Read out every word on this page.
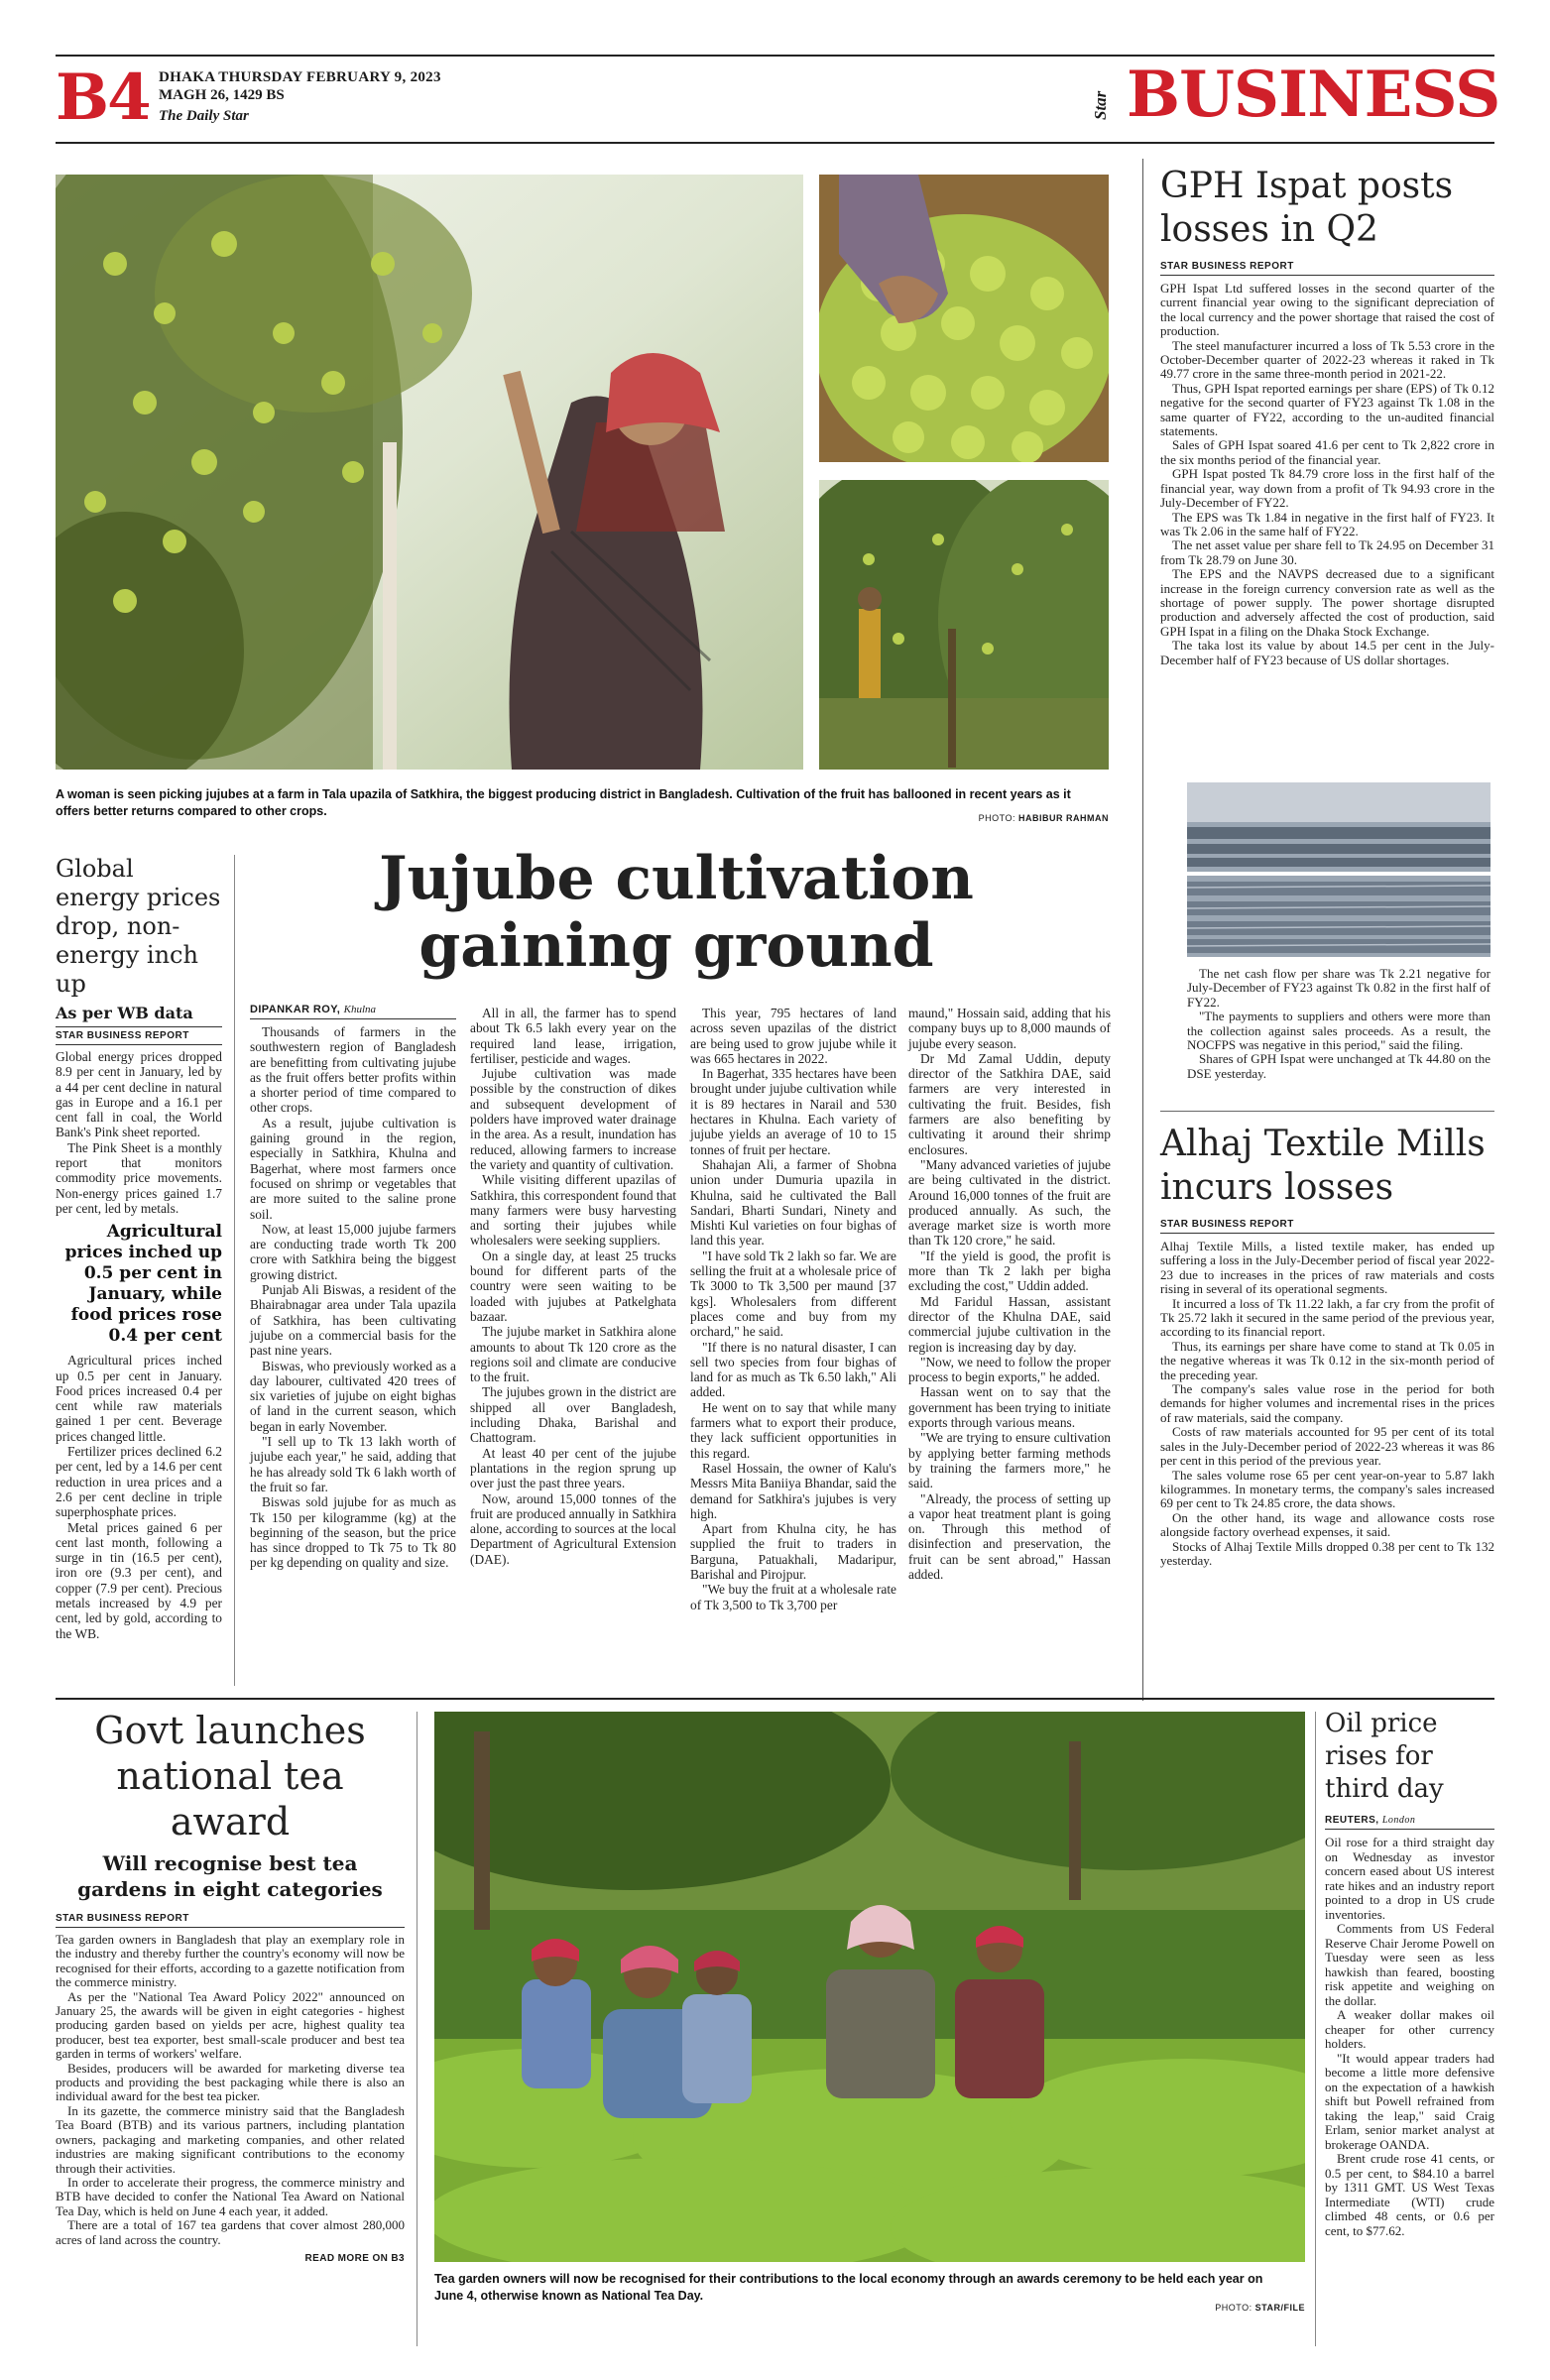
B4 DHAKA THURSDAY FEBRUARY 9, 2023
MAGH 26, 1429 BS
The Daily Star	Star BUSINESS
A woman is seen picking jujubes at a farm in Tala upazila of Satkhira, the biggest producing district in Bangladesh. Cultivation of the fruit has ballooned in recent years as it offers better returns compared to other crops.	PHOTO: HABIBUR RAHMAN
Jujube cultivation
gaining ground
DIPANKAR ROY, Khulna

Thousands of farmers in the southwestern region of Bangladesh are benefitting from cultivating jujube as the fruit offers better profits within a shorter period of time compared to other crops.

As a result, jujube cultivation is gaining ground in the region, especially in Satkhira, Khulna and Bagerhat, where most farmers once focused on shrimp or vegetables that are more suited to the saline prone soil.

Now, at least 15,000 jujube farmers are conducting trade worth Tk 200 crore with Satkhira being the biggest growing district.

Punjab Ali Biswas, a resident of the Bhairabnagar area under Tala upazila of Satkhira, has been cultivating jujube on a commercial basis for the past nine years.

Biswas, who previously worked as a day labourer, cultivated 420 trees of six varieties of jujube on eight bighas of land in the current season, which began in early November.

"I sell up to Tk 13 lakh worth of jujube each year," he said, adding that he has already sold Tk 6 lakh worth of the fruit so far.

Biswas sold jujube for as much as Tk 150 per kilogramme (kg) at the beginning of the season, but the price has since dropped to Tk 75 to Tk 80 per kg depending on quality and size.

All in all, the farmer has to spend about Tk 6.5 lakh every year on the required land lease, irrigation, fertiliser, pesticide and wages.

Jujube cultivation was made possible by the construction of dikes and subsequent development of polders have improved water drainage in the area. As a result, inundation has reduced, allowing farmers to increase the variety and quantity of cultivation.

While visiting different upazilas of Satkhira, this correspondent found that many farmers were busy harvesting and sorting their jujubes while wholesalers were seeking suppliers.

On a single day, at least 25 trucks bound for different parts of the country were seen waiting to be loaded with jujubes at Patkelghata bazaar.

The jujube market in Satkhira alone amounts to about Tk 120 crore as the regions soil and climate are conducive to the fruit.

The jujubes grown in the district are shipped all over Bangladesh, including Dhaka, Barishal and Chattogram.

At least 40 per cent of the jujube plantations in the region sprung up over just the past three years.

Now, around 15,000 tonnes of the fruit are produced annually in Satkhira alone, according to sources at the local Department of Agricultural Extension (DAE).

This year, 795 hectares of land across seven upazilas of the district are being used to grow jujube while it was 665 hectares in 2022.

In Bagerhat, 335 hectares have been brought under jujube cultivation while it is 89 hectares in Narail and 530 hectares in Khulna. Each variety of jujube yields an average of 10 to 15 tonnes of fruit per hectare.

Shahajan Ali, a farmer of Shobna union under Dumuria upazila in Khulna, said he cultivated the Ball Sandari, Bharti Sundari, Ninety and Mishti Kul varieties on four bighas of land this year.

"I have sold Tk 2 lakh so far. We are selling the fruit at a wholesale price of Tk 3000 to Tk 3,500 per maund [37 kgs]. Wholesalers from different places come and buy from my orchard," he said.

"If there is no natural disaster, I can sell two species from four bighas of land for as much as Tk 6.50 lakh," Ali added.

He went on to say that while many farmers what to export their produce, they lack sufficient opportunities in this regard.

Rasel Hossain, the owner of Kalu's Messrs Mita Baniiya Bhandar, said the demand for Satkhira's jujubes is very high.

Apart from Khulna city, he has supplied the fruit to traders in Barguna, Patuakhali, Madaripur, Barishal and Pirojpur.

"We buy the fruit at a wholesale rate of Tk 3,500 to Tk 3,700 per

maund," Hossain said, adding that his company buys up to 8,000 maunds of jujube every season.

Dr Md Zamal Uddin, deputy director of the Satkhira DAE, said farmers are very interested in cultivating the fruit. Besides, fish farmers are also benefiting by cultivating it around their shrimp enclosures.

"Many advanced varieties of jujube are being cultivated in the district. Around 16,000 tonnes of the fruit are produced annually. As such, the average market size is worth more than Tk 120 crore," he said.

"If the yield is good, the profit is more than Tk 2 lakh per bigha excluding the cost," Uddin added.

Md Faridul Hassan, assistant director of the Khulna DAE, said commercial jujube cultivation in the region is increasing day by day.

"Now, we need to follow the proper process to begin exports," he added.

Hassan went on to say that the government has been trying to initiate exports through various means.

"We are trying to ensure cultivation by applying better farming methods by training the farmers more," he said.

"Already, the process of setting up a vapor heat treatment plant is going on. Through this method of disinfection and preservation, the fruit can be sent abroad," Hassan added.

Global energy prices drop, non-energy inch up
As per WB data
STAR BUSINESS REPORT

Global energy prices dropped 8.9 per cent in January, led by a 44 per cent decline in natural gas in Europe and a 16.1 per cent fall in coal, the World Bank's Pink sheet reported.

The Pink Sheet is a monthly report that monitors commodity price movements. Non-energy prices gained 1.7 per cent, led by metals.

Agricultural prices inched up 0.5 per cent in January, while food prices rose 0.4 per cent

Agricultural prices inched up 0.5 per cent in January. Food prices increased 0.4 per cent while raw materials gained 1 per cent. Beverage prices changed little.

Fertilizer prices declined 6.2 per cent, led by a 14.6 per cent reduction in urea prices and a 2.6 per cent decline in triple superphosphate prices.

Metal prices gained 6 per cent last month, following a surge in tin (16.5 per cent), iron ore (9.3 per cent), and copper (7.9 per cent). Precious metals increased by 4.9 per cent, led by gold, according to the WB.

GPH Ispat posts losses in Q2
STAR BUSINESS REPORT

GPH Ispat Ltd suffered losses in the second quarter of the current financial year owing to the significant depreciation of the local currency and the power shortage that raised the cost of production.

The steel manufacturer incurred a loss of Tk 5.53 crore in the October-December quarter of 2022-23 whereas it raked in Tk 49.77 crore in the same three-month period in 2021-22.

Thus, GPH Ispat reported earnings per share (EPS) of Tk 0.12 negative for the second quarter of FY23 against Tk 1.08 in the same quarter of FY22, according to the un-audited financial statements.

Sales of GPH Ispat soared 41.6 per cent to Tk 2,822 crore in the six months period of the financial year.

GPH Ispat posted Tk 84.79 crore loss in the first half of the financial year, way down from a profit of Tk 94.93 crore in the July-December of FY22.

The EPS was Tk 1.84 in negative in the first half of FY23. It was Tk 2.06 in the same half of FY22.

The net asset value per share fell to Tk 24.95 on December 31 from Tk 28.79 on June 30.

The EPS and the NAVPS decreased due to a significant increase in the foreign currency conversion rate as well as the shortage of power supply. The power shortage disrupted production and adversely affected the cost of production, said GPH Ispat in a filing on the Dhaka Stock Exchange.

The taka lost its value by about 14.5 per cent in the July-December half of FY23 because of US dollar shortages.

The net cash flow per share was Tk 2.21 negative for July-December of FY23 against Tk 0.82 in the first half of FY22.

"The payments to suppliers and others were more than the collection against sales proceeds. As a result, the NOCFPS was negative in this period," said the filing.

Shares of GPH Ispat were unchanged at Tk 44.80 on the DSE yesterday.

Alhaj Textile Mills incurs losses
STAR BUSINESS REPORT

Alhaj Textile Mills, a listed textile maker, has ended up suffering a loss in the July-December period of fiscal year 2022-23 due to increases in the prices of raw materials and costs rising in several of its operational segments.

It incurred a loss of Tk 11.22 lakh, a far cry from the profit of Tk 25.72 lakh it secured in the same period of the previous year, according to its financial report.

Thus, its earnings per share have come to stand at Tk 0.05 in the negative whereas it was Tk 0.12 in the six-month period of the preceding year.

The company's sales value rose in the period for both demands for higher volumes and incremental rises in the prices of raw materials, said the company.

Costs of raw materials accounted for 95 per cent of its total sales in the July-December period of 2022-23 whereas it was 86 per cent in this period of the previous year.

The sales volume rose 65 per cent year-on-year to 5.87 lakh kilogrammes. In monetary terms, the company's sales increased 69 per cent to Tk 24.85 crore, the data shows.

On the other hand, its wage and allowance costs rose alongside factory overhead expenses, it said.

Stocks of Alhaj Textile Mills dropped 0.38 per cent to Tk 132 yesterday.

Govt launches national tea award
Will recognise best tea gardens in eight categories
STAR BUSINESS REPORT

Tea garden owners in Bangladesh that play an exemplary role in the industry and thereby further the country's economy will now be recognised for their efforts, according to a gazette notification from the commerce ministry.

As per the "National Tea Award Policy 2022" announced on January 25, the awards will be given in eight categories - highest producing garden based on yields per acre, highest quality tea producer, best tea exporter, best small-scale producer and best tea garden in terms of workers' welfare.

Besides, producers will be awarded for marketing diverse tea products and providing the best packaging while there is also an individual award for the best tea picker.

In its gazette, the commerce ministry said that the Bangladesh Tea Board (BTB) and its various partners, including plantation owners, packaging and marketing companies, and other related industries are making significant contributions to the economy through their activities.

In order to accelerate their progress, the commerce ministry and BTB have decided to confer the National Tea Award on National Tea Day, which is held on June 4 each year, it added.

There are a total of 167 tea gardens that cover almost 280,000 acres of land across the country.

READ MORE ON B3
Tea garden owners will now be recognised for their contributions to the local economy through an awards ceremony to be held each year on June 4, otherwise known as National Tea Day.
PHOTO: STAR/FILE
Oil price rises for third day
REUTERS, London

Oil rose for a third straight day on Wednesday as investor concern eased about US interest rate hikes and an industry report pointed to a drop in US crude inventories.

Comments from US Federal Reserve Chair Jerome Powell on Tuesday were seen as less hawkish than feared, boosting risk appetite and weighing on the dollar.

A weaker dollar makes oil cheaper for other currency holders.

"It would appear traders had become a little more defensive on the expectation of a hawkish shift but Powell refrained from taking the leap," said Craig Erlam, senior market analyst at brokerage OANDA.

Brent crude rose 41 cents, or 0.5 per cent, to $84.10 a barrel by 1311 GMT. US West Texas Intermediate (WTI) crude climbed 48 cents, or 0.6 per cent, to $77.62.
